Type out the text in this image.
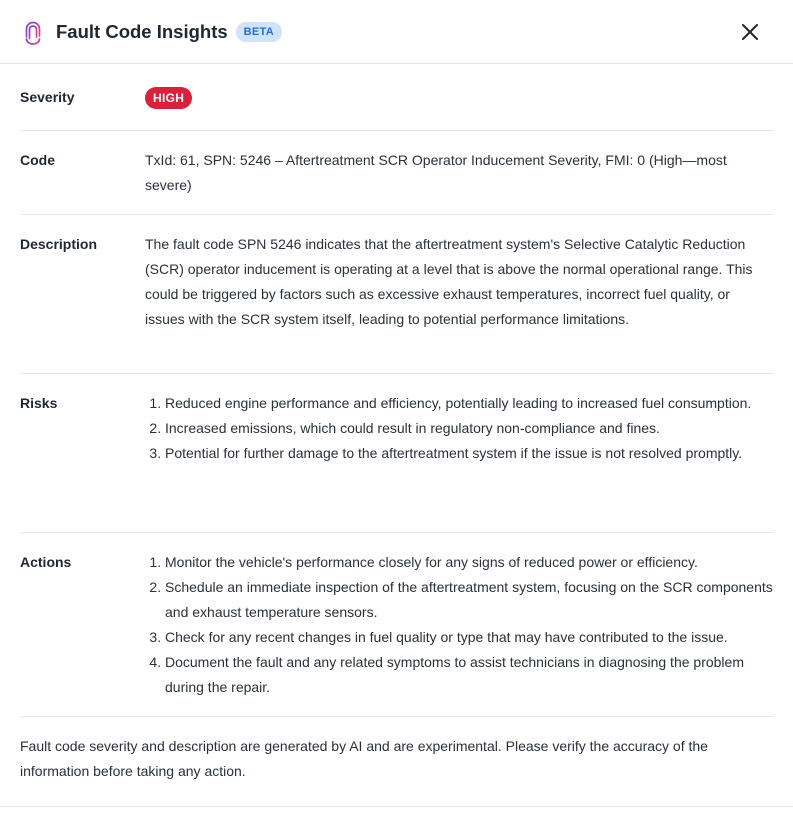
Fault Code Insights	BETA
Severity	HIGH
Code	TxId: 61, SPN: 5246 – Aftertreatment SCR Operator Inducement Severity, FMI: 0 (High—most severe)
Description	The fault code SPN 5246 indicates that the aftertreatment system's Selective Catalytic Reduction (SCR) operator inducement is operating at a level that is above the normal operational range. This could be triggered by factors such as excessive exhaust temperatures, incorrect fuel quality, or issues with the SCR system itself, leading to potential performance limitations.
Risks	1. Reduced engine performance and efficiency, potentially leading to increased fuel consumption.
2. Increased emissions, which could result in regulatory non-compliance and fines.
3. Potential for further damage to the aftertreatment system if the issue is not resolved promptly.
Actions	1. Monitor the vehicle's performance closely for any signs of reduced power or efficiency.
2. Schedule an immediate inspection of the aftertreatment system, focusing on the SCR components and exhaust temperature sensors.
3. Check for any recent changes in fuel quality or type that may have contributed to the issue.
4. Document the fault and any related symptoms to assist technicians in diagnosing the problem during the repair.
Fault code severity and description are generated by AI and are experimental. Please verify the accuracy of the information before taking any action.
